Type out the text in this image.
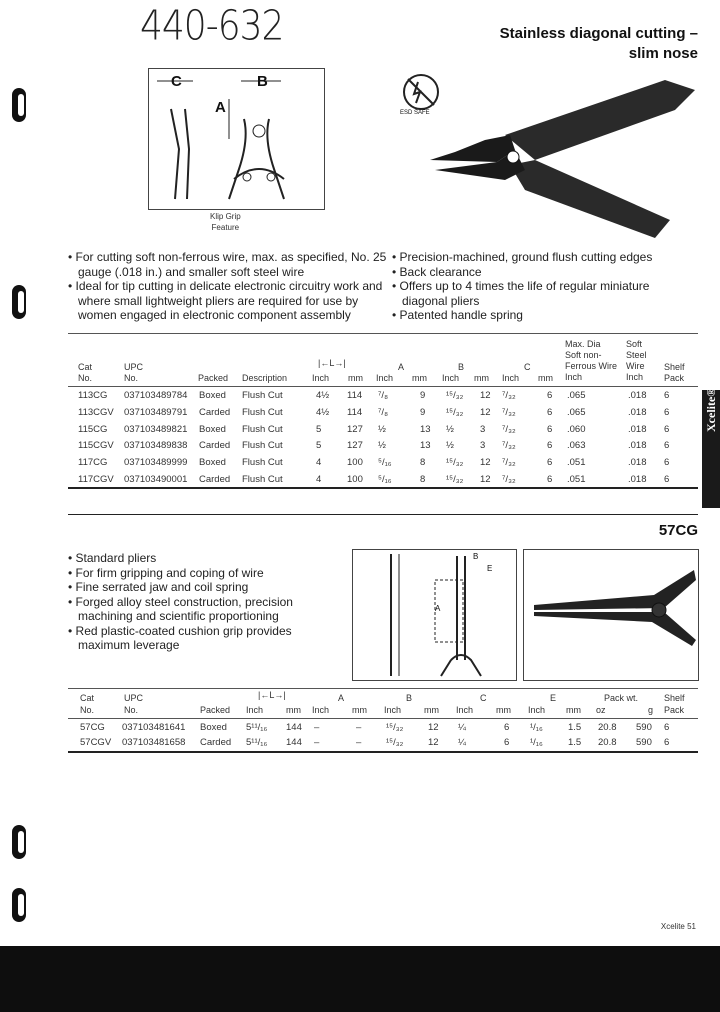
440-632	Stainless diagonal cutting –
slim nose
C	B
A
Klip Grip
Feature
ESD SAFE
• For cutting soft non-ferrous wire, max. as specified, No. 25 gauge (.018 in.) and smaller soft steel wire
• Ideal for tip cutting in delicate electronic circuitry work and where small lightweight pliers are required for use by women engaged in electronic component assembly
• Precision-machined, ground flush cutting edges
• Back clearance
• Offers up to 4 times the life of regular miniature diagonal pliers
• Patented handle spring
Max. Dia
Soft non-
Ferrous Wire
Inch
Soft
Steel
Wire
Inch
Cat
No.
UPC
No.	Packed Description
|←L→|
Inch mm
A
Inch mm
B
Inch mm
C
Inch mm
Shelf
Pack
113CG 037103489784 Boxed Flush Cut	4½ 114 ⁷/₈	9 ¹⁵/₃₂ 12 ⁷/₃₂	6 .065	.018 6
113CGV 037103489791 Carded Flush Cut	4½ 114 ⁷/₈	9 ¹⁵/₃₂ 12 ⁷/₃₂	6 .065	.018 6
115CG 037103489821 Boxed Flush Cut	5	127 ½	13 ½	3 ⁷/₃₂	6 .060	.018 6
115CGV 037103489838 Carded Flush Cut	5	127 ½	13 ½	3 ⁷/₃₂	6 .063	.018 6
117CG 037103489999 Boxed Flush Cut	4	100 ⁵/₁₆	8 ¹⁵/₃₂ 12 ⁷/₃₂	6 .051	.018 6
117CGV 037103490001 Carded Flush Cut	4	100 ⁵/₁₆	8 ¹⁵/₃₂ 12 ⁷/₃₂	6 .051	.018 6
Xcelite®
57CG
• Standard pliers
• For firm gripping and coping of wire
• Fine serrated jaw and coil spring
• Forged alloy steel construction, precision machining and scientific proportioning
• Red plastic-coated cushion grip provides maximum leverage
B
E
A
Cat
No.
UPC
No.	Packed
|←L→|
Inch	mm
A
Inch	mm
B
Inch	mm
C
Inch	mm
E
Inch mm
Pack wt.
oz	g
Shelf
Pack
57CG 037103481641 Boxed 5¹¹/₁₆ 144 –	–	¹⁵/₃₂	12 ¼	6 ¹/₁₆	1.5 20.8 590 6
57CGV 037103481658 Carded 5¹¹/₁₆ 144 –	–	¹⁵/₃₂	12 ¼	6 ¹/₁₆	1.5 20.8 590 6
Xcelite 51
